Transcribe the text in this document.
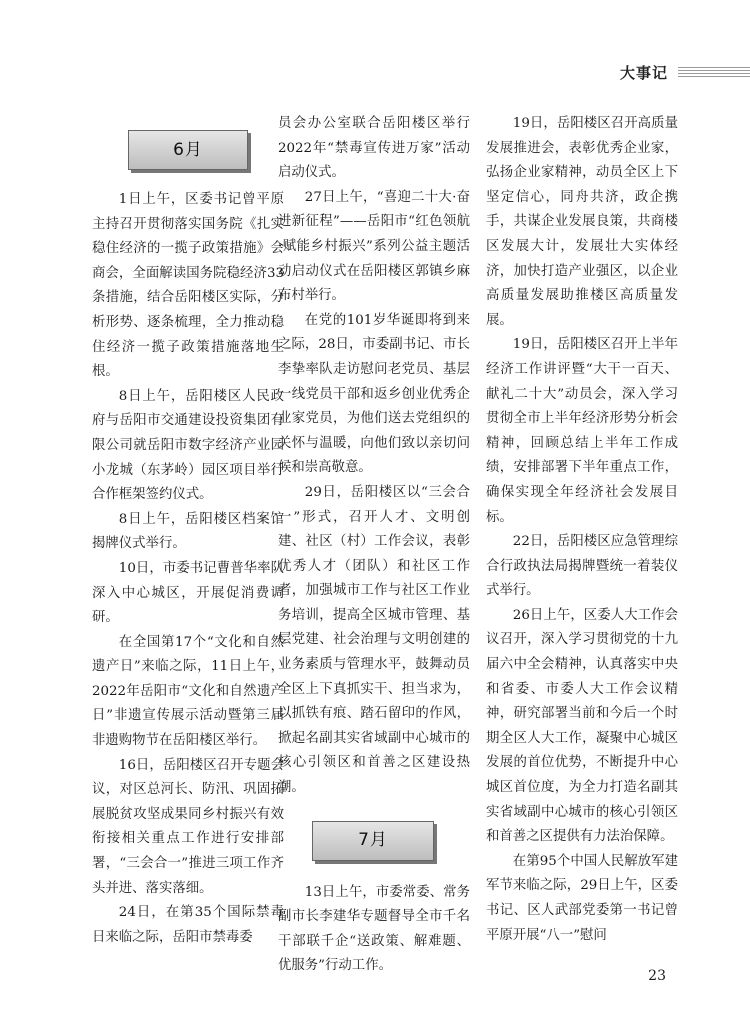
大事记
6月

1日上午，区委书记曾平原主持召开贯彻落实国务院《扎实稳住经济的一揽子政策措施》会商会，全面解读国务院稳经济33条措施，结合岳阳楼区实际，分析形势、逐条梳理，全力推动稳住经济一揽子政策措施落地生根。

8日上午，岳阳楼区人民政府与岳阳市交通建设投资集团有限公司就岳阳市数字经济产业园小龙城（东茅岭）园区项目举行合作框架签约仪式。

8日上午，岳阳楼区档案馆揭牌仪式举行。

10日，市委书记曹普华率队深入中心城区，开展促消费调研。

在全国第17个“文化和自然遗产日”来临之际，11日上午，2022年岳阳市“文化和自然遗产日”非遗宣传展示活动暨第三届非遗购物节在岳阳楼区举行。

16日，岳阳楼区召开专题会议，对区总河长、防汛、巩固拓展脱贫攻坚成果同乡村振兴有效衔接相关重点工作进行安排部署，“三会合一”推进三项工作齐头并进、落实落细。

24日，在第35个国际禁毒日来临之际，岳阳市禁毒委

员会办公室联合岳阳楼区举行2022年“禁毒宣传进万家”活动启动仪式。

27日上午，“喜迎二十大·奋进新征程”——岳阳市“红色领航·赋能乡村振兴”系列公益主题活动启动仪式在岳阳楼区郭镇乡麻布村举行。

在党的101岁华诞即将到来之际，28日，市委副书记、市长李挚率队走访慰问老党员、基层一线党员干部和返乡创业优秀企业家党员，为他们送去党组织的关怀与温暖，向他们致以亲切问候和崇高敬意。

29日，岳阳楼区以“三会合一”形式，召开人才、文明创建、社区（村）工作会议，表彰优秀人才（团队）和社区工作者，加强城市工作与社区工作业务培训，提高全区城市管理、基层党建、社会治理与文明创建的业务素质与管理水平，鼓舞动员全区上下真抓实干、担当求为，以抓铁有痕、踏石留印的作风，掀起名副其实省域副中心城市的核心引领区和首善之区建设热潮。

7月

13日上午，市委常委、常务副市长李建华专题督导全市千名干部联千企“送政策、解难题、优服务”行动工作。

19日，岳阳楼区召开高质量发展推进会，表彰优秀企业家，弘扬企业家精神，动员全区上下坚定信心，同舟共济，政企携手，共谋企业发展良策，共商楼区发展大计，发展壮大实体经济，加快打造产业强区，以企业高质量发展助推楼区高质量发展。

19日，岳阳楼区召开上半年经济工作讲评暨“大干一百天、献礼二十大”动员会，深入学习贯彻全市上半年经济形势分析会精神，回顾总结上半年工作成绩，安排部署下半年重点工作，确保实现全年经济社会发展目标。

22日，岳阳楼区应急管理综合行政执法局揭牌暨统一着装仪式举行。

26日上午，区委人大工作会议召开，深入学习贯彻党的十九届六中全会精神，认真落实中央和省委、市委人大工作会议精神，研究部署当前和今后一个时期全区人大工作，凝聚中心城区发展的首位优势，不断提升中心城区首位度，为全力打造名副其实省域副中心城市的核心引领区和首善之区提供有力法治保障。

在第95个中国人民解放军建军节来临之际，29日上午，区委书记、区人武部党委第一书记曾平原开展“八一”慰问

23
